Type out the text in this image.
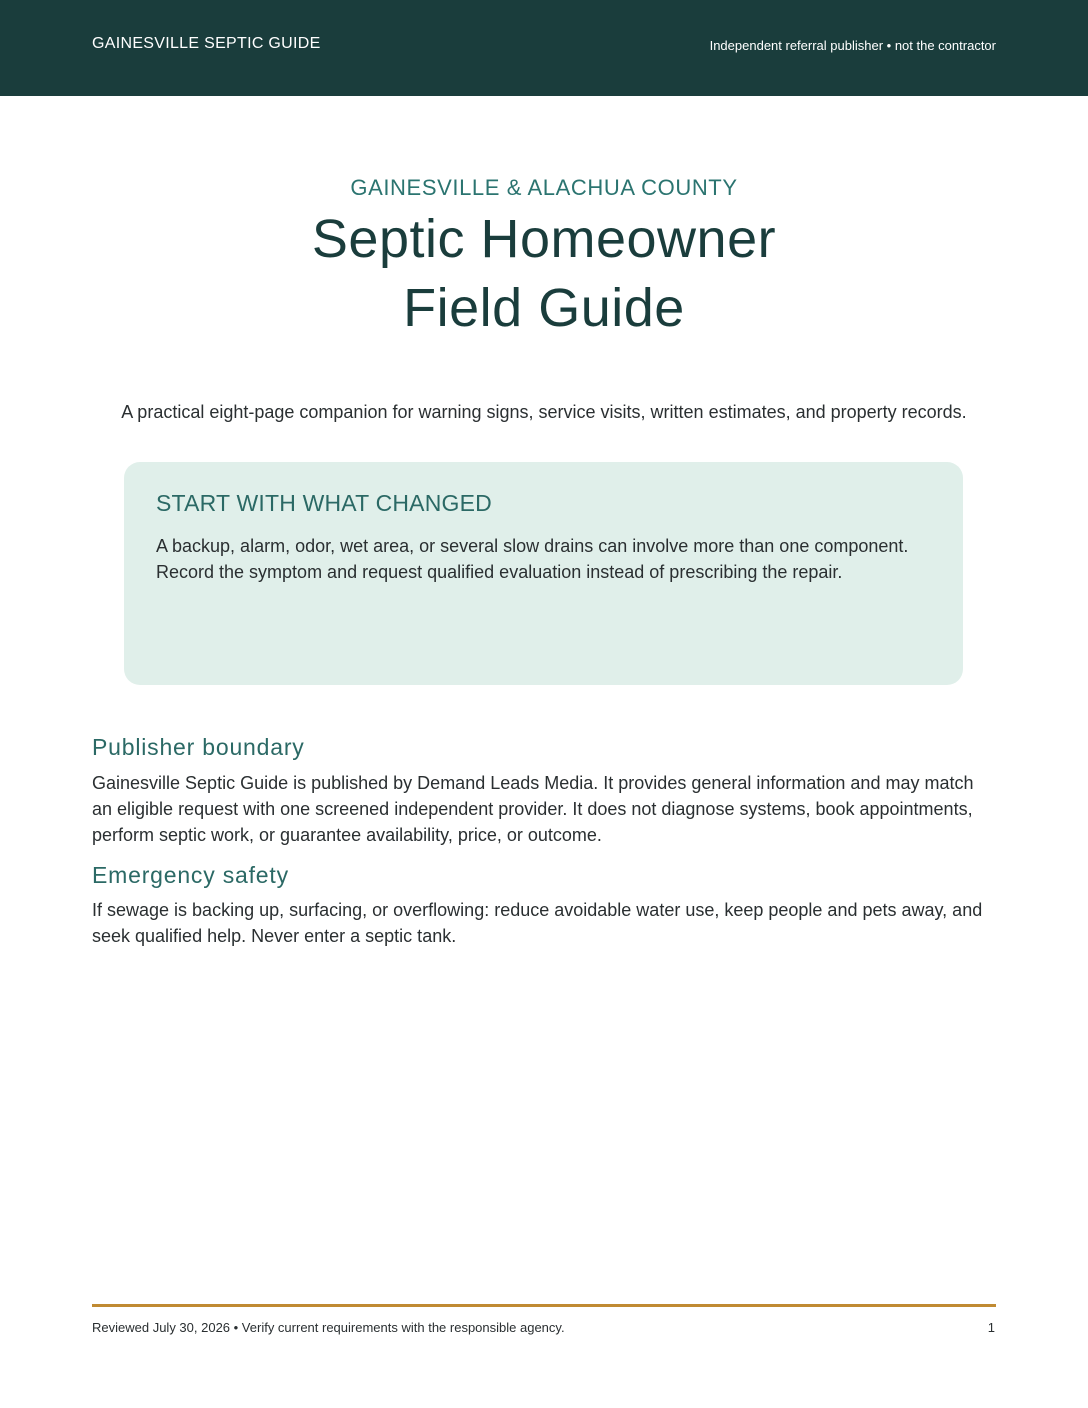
GAINESVILLE SEPTIC GUIDE	Independent referral publisher • not the contractor
GAINESVILLE & ALACHUA COUNTY
Septic Homeowner
Field Guide
A practical eight-page companion for warning signs, service visits, written estimates, and property records.
START WITH WHAT CHANGED
A backup, alarm, odor, wet area, or several slow drains can involve more than one component.
Record the symptom and request qualified evaluation instead of prescribing the repair.
Publisher boundary
Gainesville Septic Guide is published by Demand Leads Media. It provides general information and may match
an eligible request with one screened independent provider. It does not diagnose systems, book appointments,
perform septic work, or guarantee availability, price, or outcome.
Emergency safety
If sewage is backing up, surfacing, or overflowing: reduce avoidable water use, keep people and pets away, and
seek qualified help. Never enter a septic tank.
Reviewed July 30, 2026 • Verify current requirements with the responsible agency.	1
